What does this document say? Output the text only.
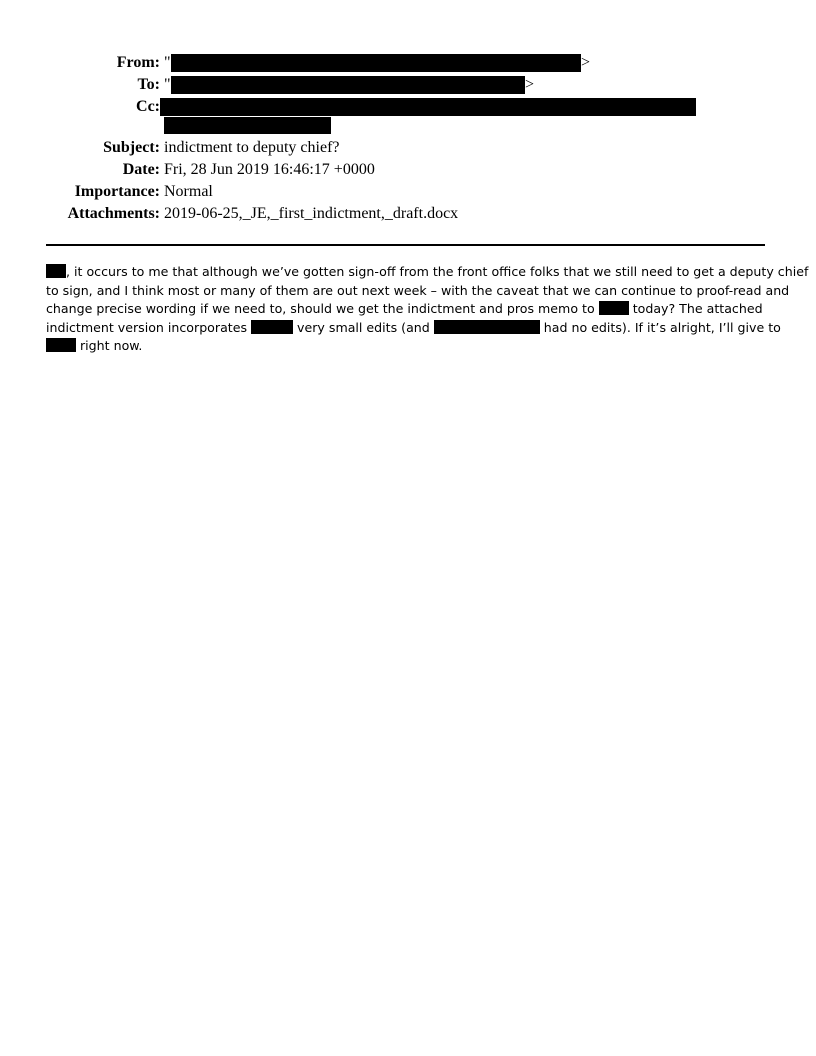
From: "	>
To: "	>
Cc:
Subject: indictment to deputy chief?
Date: Fri, 28 Jun 2019 16:46:17 +0000
Importance: Normal
Attachments: 2019-06-25,_JE,_first_indictment,_draft.docx
, it occurs to me that although we’ve gotten sign-off from the front office folks that we still need to get a deputy chief
to sign, and I think most or many of them are out next week – with the caveat that we can continue to proof-read and
change precise wording if we need to, should we get the indictment and pros memo to  today? The attached
indictment version incorporates	very small edits (and	had no edits). If it’s alright, I’ll give to
right now.
